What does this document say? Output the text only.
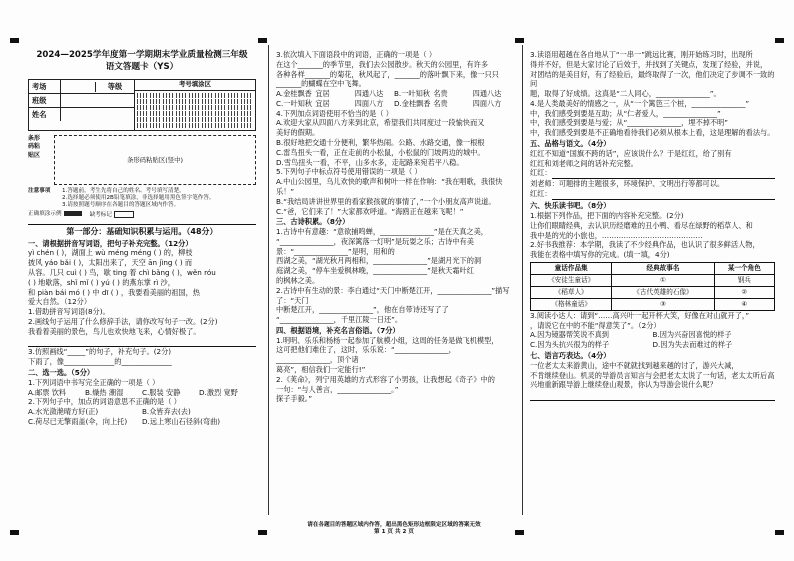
2024—2025学年度第一学期期末学业质量检测三年级
语文答题卡（YS）
考场	等级
班级
姓名
考号填涂区
条形
码粘
贴区
条形码粘贴区(竖中)
注意事项	1.答题前，考生先将自己的姓名、考号填写清楚。
2.选择题必须使用2B铅笔填涂，非选择题用黑色签字笔作答。
3.请按照题号顺序在各题目的答题区域内作答。
正确填涂示例	缺考标记
第一部分：基础知识积累与运用。（48分）
一、请根据拼音写词语，把句子补充完整。（12分）
yì chén ( )，湖面上 wù méng méng ( ) 的，柳枝
披风 yáo bǎi ( )，太阳出来了，天空 ān jìng ( ) 而
从容。几只 cuì ( ) 鸟，歇 ting 着 chì bǎng ( )，wěn róu
( ) 地歇落，shǐ mǐ ( ) yú ( ) 的燕东掌 rì 沙，
和 piàn bái mó ( ) 中 dī ( ) ，我要看美丽的祖国，热
爱大自然。（12分）
1.借助拼音写词语(8分)。
2.画线句子运用了什么修辞手法，请你改写句子一改。(2分)
我看着美丽的景色，鸟儿也欢快地飞来，心情好极了。
3.仿照画线“_____”的句子，补充句子。(2分)
下雨了，像______________的______________
二、选一选。（5分）
1.下列词语中书写完全正确的一项是（ ）
A.邮票 饮料	B.燥热 潮湿	C.服装 安静	D.激烈 宽野
2.下列句子中，加点的词语意思不正确的是（ ）
A.水光潋滟晴方好(正)	B.众皆弃去(去)
C.荷尽已无擎雨盖(伞，向上托)	D.远上寒山石径斜(弯曲)
3.依次填入下面语段中的词语，正确的一项是（ ）
在这个_______的季节里，我们去公园散步。秋天的公园里，有许多
各种各样_______的菊花，秋风起了，_______的落叶飘下来，像一只只
_______的蝴蝶在空中飞舞。
A.金桂飘香 宜居	四通八达	B.一叶知秋 名贵	四通八达
C.一叶知秋 宜居	四面八方	D.金桂飘香 名贵	四面八方
4.下列加点词语使用不恰当的是（ ）
A.欢迎大家从四面八方来到北京，希望我们共同度过一段愉快而又
美好的假期。
B.很好地把交通十分便利，繁华热闹。公路、水路交通，像一根根
C.雷鸟扭头一看，正在走前的小松鼠，小松鼠的门坡两边的城中。
D.雪鸟扭头一看，不平，山多水多，走起路来宛若平八稳。
5.下列句子中标点符号使用错误的一项是（ ）
A.中山公园里，乌儿欢快的歌声和树叶一样在作响：“我在唱歌，我很快乐！”
B.“我结局讲讲世界里的看家猴孩就的事情了，”一个小朋友高声说道。
C.“爸，它们来了！”大家都欢呼道。“海鸥正在越来飞呢！”
三、古诗积累。（8分）
1.古诗中有意趣：“意欲捕鸣蝉，_______________”是在天真之美，
“_______________，夜深篱落一灯明”是玩耍之乐；古诗中有美景：“_______________”是明，用和的
西湖之美，“湖光秋月两相和，_______________”是湖月光下的洞
庭湖之美，“停车坐爱枫林晚，_______________”是秋天霜叶红
的枫林之美。
2.古诗中有生动的景：李白通过“天门中断楚江开，_______________”描写了：“天门
中断楚江开，_______________”，他在自带诗还写了了
“_______________，千里江陵一日还”。
四、根据语境，补充名言俗语。（7分）
1.明明、乐乐和杨杨一起参加了航模小组，这周的任务是做飞机模型，
这可把他们难住了，这时，乐乐说：“_______________，_______________，顶个诸
葛亮”，相信我们一定能行!”
2.《荚命》，列宁用英雄的方式形容了小男孩，让我想起《奇子》中的
一句：“与人善言，_______________。”
探子手毅。”
请在各题目的答题区域内作答，超出黑色矩形边框限定区域的答案无效
第 1 页 共 2 页
3.读语用超越在各自地从丁“一串一”跳远比赛，刚开始练习时，出现所
得并不好，但是大家讨论了后效于，并找到了关键点，发现了经验，并说，
对团结的是美目好，有了经验后，最终取得了一次，他们决定了步调不一致的问
题，取得了好成绩。这真是“二人同心，_______________”。
4.是人类最美好的情感之一，从“一个篱笆三个桩，_______________”
中，我们感受到要是互助；从“仁者爱人，_______________”
中，我们感受到要是与爱；从“_______________，埋不掉不明”
中，我们感受到要是不正确地看待我们必须从根本上看，这是理解的看法与。
五、品格与语文。（4分）
红红不知道“国旗不跨的话”，应该说什么？于是红红，给了别有
红红和刘老师之间的话补充完整。
红红：
刘老师：可题排的主题很多，环境保护、文明出行等都可以。
红红：
六、快乐读书吧。（8分）
1.根据下列作品，把下面的内容补充完整。(2分)
让你们眼睛经典，去认识历经磨难的丑小鸭、看尽在绿野的稻草人、和
我中是的光的小旅也，……………………………………
2.好书我推荐：本学期，我读了不少经典作品，也认识了很多鲜活人物，
我能在表格中填写你的完成。(填一填，4分)
童话作品集	经典故事名	某一个角色
《安徒生童话》	①	钢兵
《稻草人》	《古代英雄的石像》	②
《格林童话》	③	④
3.阅读小达人：请到“……高兴叶一起开杯大笑，好像在对山就开了，”
，请说它在中的不能“得意笑了”。（2分）
A.因为镜器帮笑说不真到	B.因为兴奋因喜悦的样子
C.因为头抗兴很为的样子	D.因为失去而难过的样子
七、语言巧表达。（4分）
一位老太太来游黄山，途中不就就找到越来越的讨了，游兴大减，
不肯继续登山。机灵的导游员言知言与会把老太太说了一句话，老太太听后高
兴地重新跟导游上继续登山观景，你认为导游会说什么呢？
